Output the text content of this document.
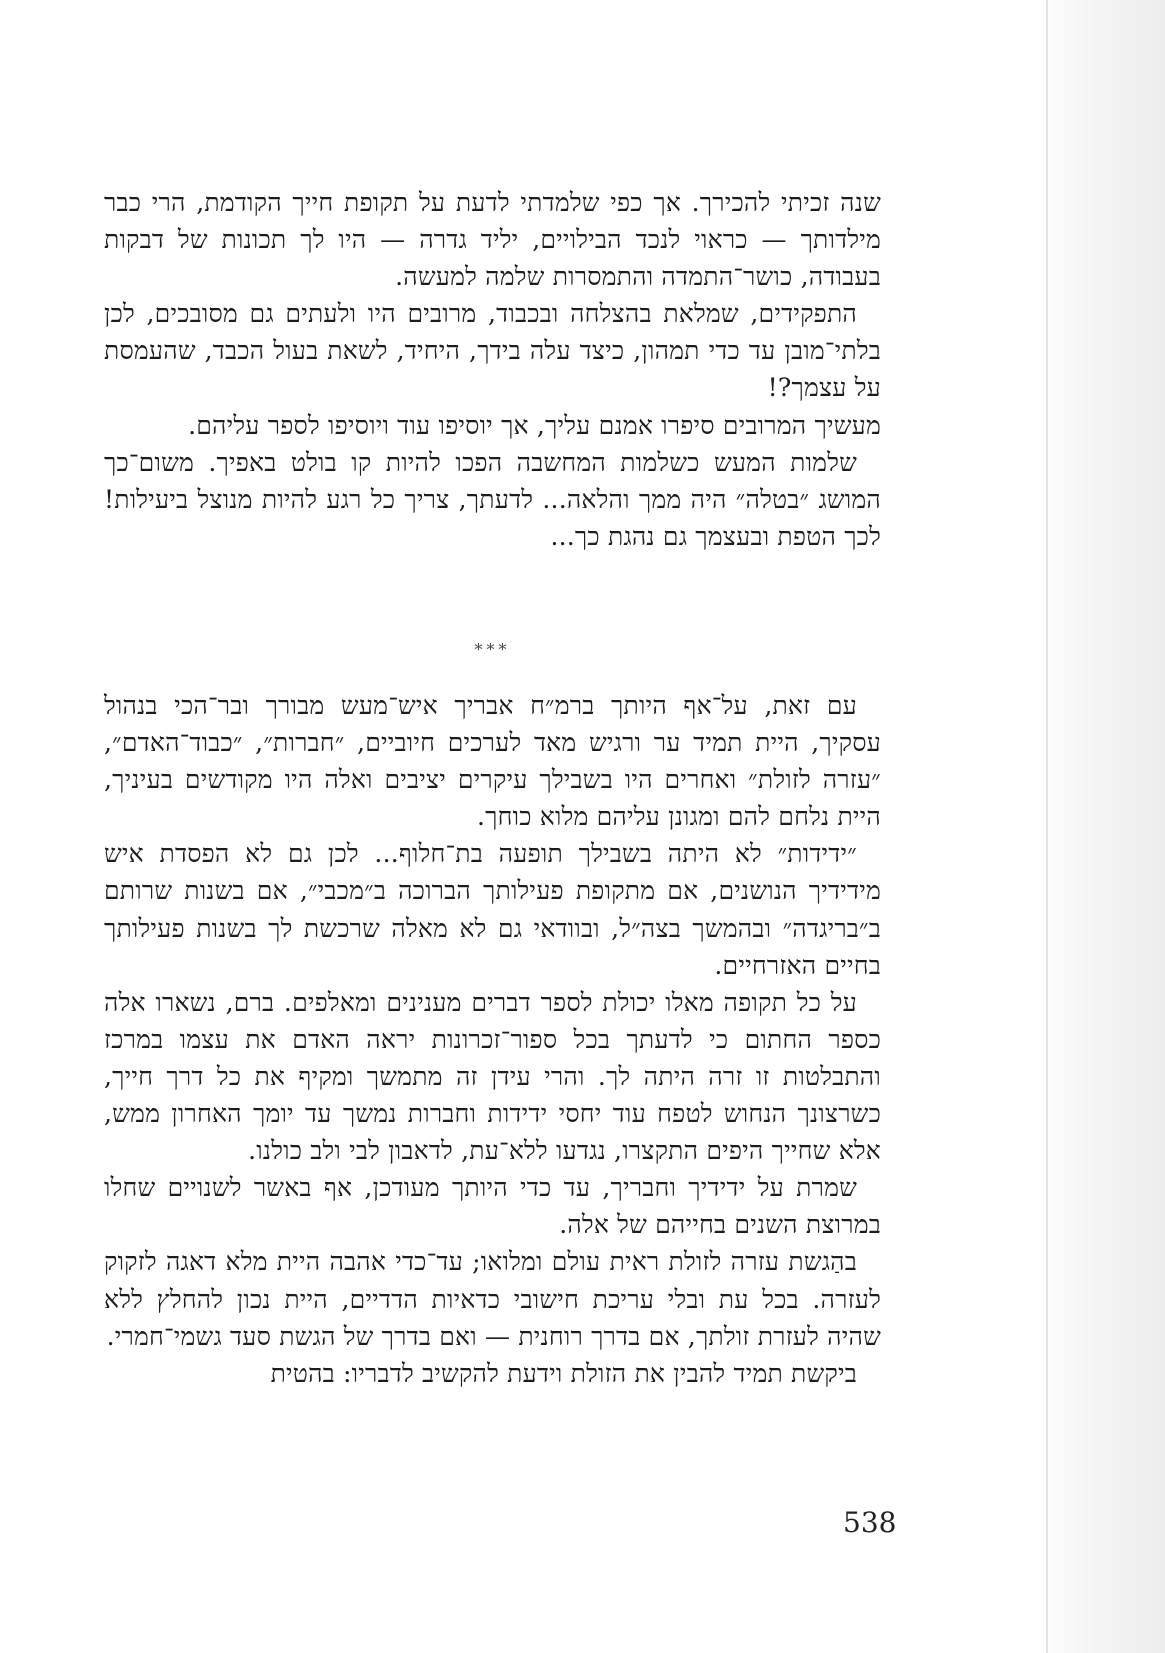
שנה זכיתי להכירך. אך כפי שלמדתי לדעת על תקופת חייך הקודמת, הרי כבר מילדותך — כראוי לנכד הבילויים, יליד גדרה — היו לך תכונות של דבקות בעבודה, כושר־התמדה והתמסרות שלמה למעשה.

התפקידים, שמלאת בהצלחה ובכבוד, מרובים היו ולעתים גם מסובכים, לכן בלתי־מובן עד כדי תמהון, כיצד עלה בידך, היחיד, לשאת בעול הכבד, שהעמסת על עצמך?!

מעשיך המרובים סיפרו אמנם עליך, אך יוסיפו עוד ויוסיפו לספר עליהם.

שלמות המעש כשלמות המחשבה הפכו להיות קו בולט באפיך. משום־כך המושג ״בטלה״ היה ממך והלאה... לדעתך, צריך כל רגע להיות מנוצל ביעילות! לכך הטפת ובעצמך גם נהגת כך...

***

עם זאת, על־אף היותך ברמ״ח אבריך איש־מעש מבורך ובר־הכי בנהול עסקיך, היית תמיד ער ורגיש מאד לערכים חיוביים, ״חברות״, ״כבוד־האדם״, ״עזרה לזולת״ ואחרים היו בשבילך עיקרים יציבים ואלה היו מקודשים בעיניך, היית נלחם להם ומגונן עליהם מלוא כוחך.

״ידידות״ לא היתה בשבילך תופעה בת־חלוף... לכן גם לא הפסדת איש מידידיך הנושנים, אם מתקופת פעילותך הברוכה ב״מכבי״, אם בשנות שרותם ב״בריגדה״ ובהמשך בצה״ל, ובוודאי גם לא מאלה שרכשת לך בשנות פעילותך בחיים האזרחיים.

על כל תקופה מאלו יכולת לספר דברים מענינים ומאלפים. ברם, נשארו אלה כספר החתום כי לדעתך בכל ספור־זכרונות יראה האדם את עצמו במרכז והתבלטות זו זרה היתה לך. והרי עידן זה מתמשך ומקיף את כל דרך חייך, כשרצונך הנחוש לטפח עוד יחסי ידידות וחברות נמשך עד יומך האחרון ממש, אלא שחייך היפים התקצרו, נגדעו ללא־עת, לדאבון לבי ולב כולנו.

שמרת על ידידיך וחבריך, עד כדי היותך מעודכן, אף באשר לשנויים שחלו במרוצת השנים בחייהם של אלה.

בהַגשת עזרה לזולת ראית עולם ומלואו; עד־כדי אהבה היית מלא דאגה לזקוק לעזרה. בכל עת ובלי עריכת חישובי כדאיות הדדיים, היית נכון להחלץ ללא שהיה לעזרת זולתך, אם בדרך רוחנית — ואם בדרך של הגשת סעד גשמי־חמרי.

ביקשת תמיד להבין את הזולת וידעת להקשיב לדבריו: בהטית

538
